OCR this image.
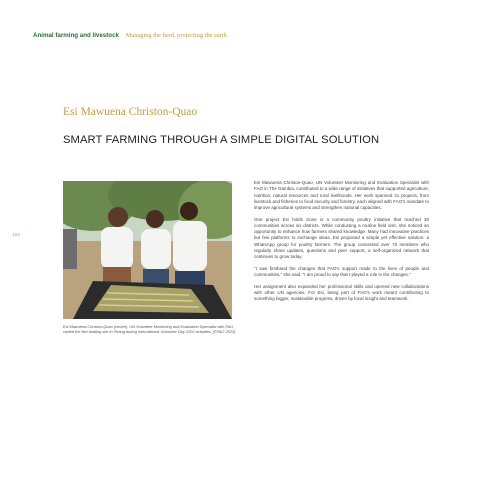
Animal farming and livestock Managing the herd, protecting the earth
Esi Mawuena Christon-Quao
SMART FARMING THROUGH A SIMPLE DIGITAL SOLUTION
102
Esi Mawuena Christon-Quao (centre), UN Volunteer Monitoring and Evaluation Specialist with FAO, visited the fish landing site in Pirang during International Volunteer Day 2022 activities. [©FAO 2022]

Esi Mawuena Christon-Quao, UN Volunteer Monitoring and Evaluation Specialist with FAO in The Gambia, contributed to a wide range of initiatives that supported agriculture, nutrition, natural resources and rural livelihoods. Her work spanned 41 projects, from livestock and fisheries to food security and forestry, each aligned with FAO's mandate to improve agricultural systems and strengthen national capacities.

One project Esi holds close is a community poultry initiative that reached 30 communities across six districts. While conducting a routine field visit, she noticed an opportunity to enhance how farmers shared knowledge. Many had innovative practices but few platforms to exchange ideas. Esi proposed a simple yet effective solution: a WhatsApp group for poultry farmers. The group connected over 70 members who regularly share updates, questions and peer support, a self-organized network that continues to grow today.

"I saw firsthand the changes that FAO's support made to the lives of people and communities," she said. "I am proud to say that I played a role in the changes."

Her assignment also expanded her professional skills and opened new collaborations with other UN agencies. For Esi, being part of FAO's work meant contributing to something bigger, sustainable progress, driven by local insight and teamwork.
